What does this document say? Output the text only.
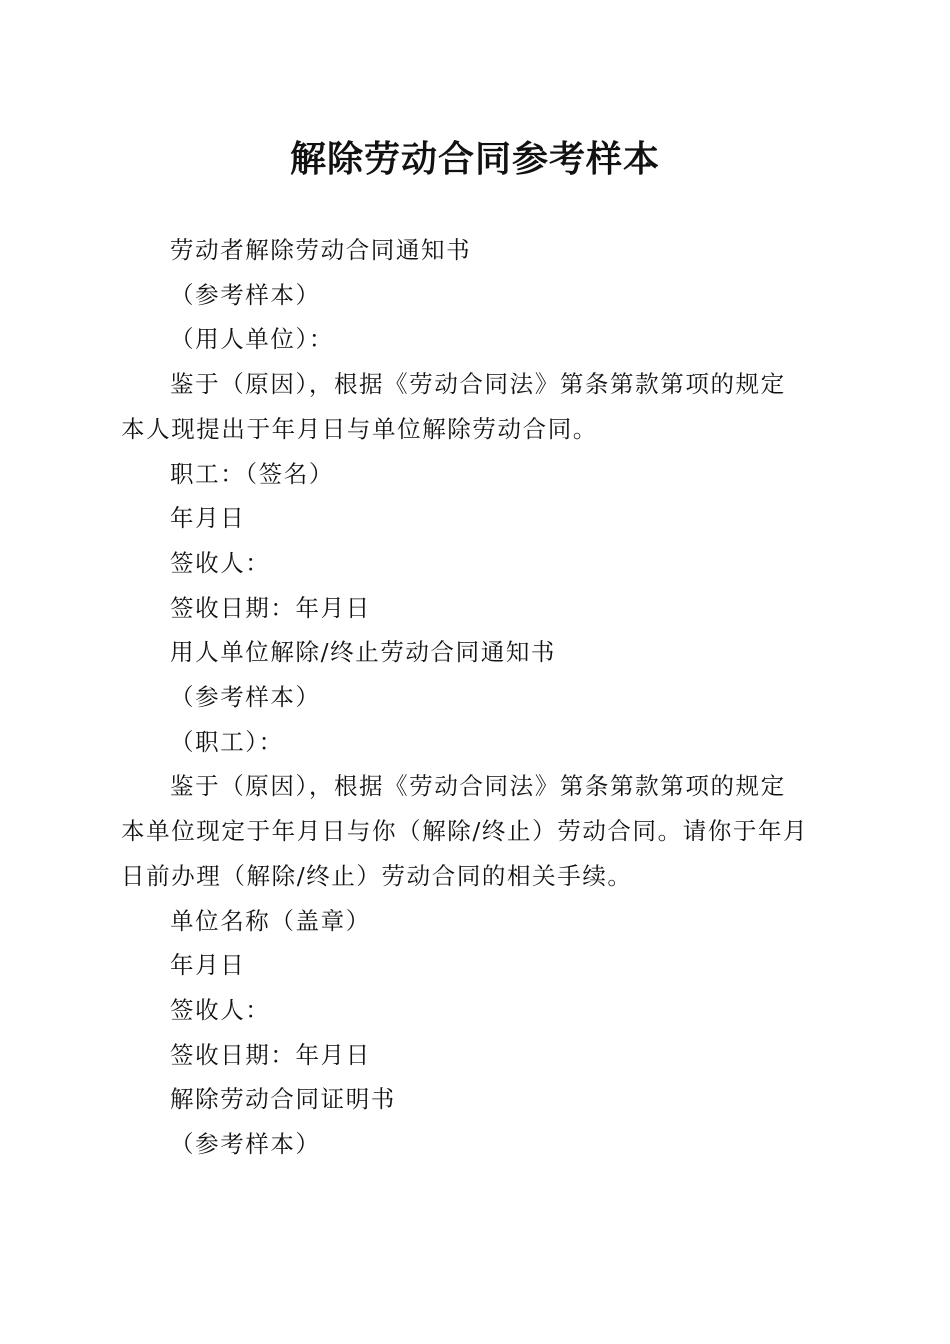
解除劳动合同参考样本

劳动者解除劳动合同通知书

（参考样本）

（用人单位）：

鉴于（原因），根据《劳动合同法》第条第款第项的规定
本人现提出于年月日与单位解除劳动合同。

职工：（签名）

年月日

签收人：

签收日期：年月日

用人单位解除/终止劳动合同通知书

（参考样本）

（职工）：

鉴于（原因），根据《劳动合同法》第条第款第项的规定
本单位现定于年月日与你（解除/终止）劳动合同。请你于年月
日前办理（解除/终止）劳动合同的相关手续。

单位名称（盖章）

年月日

签收人：

签收日期：年月日

解除劳动合同证明书

（参考样本）
